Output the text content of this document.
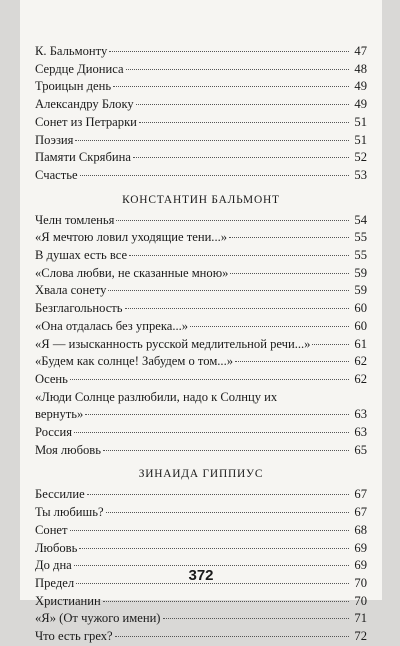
К. Бальмонту	47
Сердце Диониса	48
Троицын день	49
Александру Блоку	49
Сонет из Петрарки	51
Поэзия	51
Памяти Скрябина	52
Счастье	53
КОНСТАНТИН БАЛЬМОНТ
Челн томленья	54
«Я мечтою ловил уходящие тени...»	55
В душах есть все	55
«Слова любви, не сказанные мною»	59
Хвала сонету	59
Безглагольность	60
«Она отдалась без упрека...»	60
«Я — изысканность русской медлительной речи...»	61
«Будем как солнце! Забудем о том...»	62
Осень	62
«Люди Солнце разлюбили, надо к Солнцу их
вернуть»	63
Россия	63
Моя любовь	65
ЗИНАИДА ГИППИУС
Бессилие	67
Ты любишь?	67
Сонет	68
Любовь	69
До дна	69
Предел	70
Христианин	70
«Я» (От чужого имени)	71
Что есть грех?	72
372
